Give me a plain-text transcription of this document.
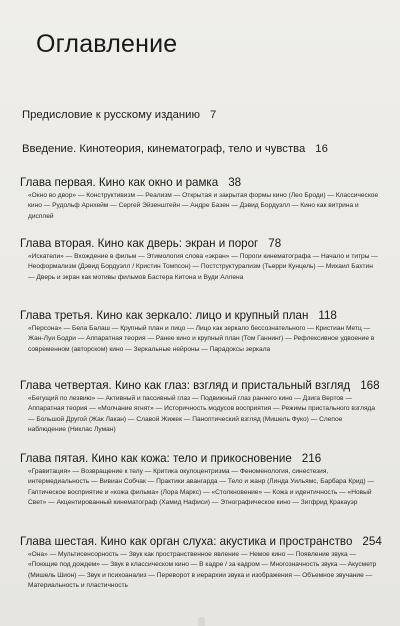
Оглавление
Предисловие к русскому изданию 7
Введение. Кинотеория, кинематограф, тело и чувства 16
Глава первая. Кино как окно и рамка 38
«Окно во двор» — Конструктивизм — Реализм — Открытая и закрытая формы кино (Лео Броди) — Классическое кино — Рудольф Арнхейм — Сергей Эйзенштейн — Андре Базен — Дэвид Бордуэлл — Кино как витрина и дисплей
Глава вторая. Кино как дверь: экран и порог 78
«Искатели» — Вхождение в фильм — Этимология слова «экран» — Пороги кинематографа — Начало и титры — Неоформализм (Дэвид Бордуэлл / Кристин Томпсон) — Постструктурализм (Тьерри Кунцель) — Михаил Бахтин — Дверь и экран как мотивы фильмов Бастера Китона и Вуди Аллена
Глава третья. Кино как зеркало: лицо и крупный план 118
«Персона» — Бела Балаш — Крупный план и лицо — Лицо как зеркало бессознательного — Кристиан Метц — Жан-Луи Бодри — Аппаратная теория — Ранее кино и крупный план (Том Ганнинг) — Рефлексивное удвоение в современном (авторском) кино — Зеркальные нейроны — Парадоксы зеркала
Глава четвертая. Кино как глаз: взгляд и пристальный взгляд 168
«Бегущий по лезвию» — Активный и пассивный глаз — Подвижный глаз раннего кино — Дзига Вертов — Аппаратная теория — «Молчание ягнят» — Историчность модусов восприятия — Режимы пристального взгляда — Большой Другой (Жак Лакан) — Славой Жижек — Паноптический взгляд (Мишель Фуко) — Слепое наблюдение (Никлас Луман)
Глава пятая. Кино как кожа: тело и прикосновение 216
«Гравитация» — Возвращение к телу — Критика окулоцентризма — Феноменология, синестезия, интермедиальность — Вивиан Собчак — Практики авангарда — Тело и жанр (Линда Уильямс, Барбара Крид) — Гаптическое восприятие и «кожа фильма» (Лора Маркс) — «Столкновение» — Кожа и идентичность — «Новый Свет» — Акцентированный кинематограф (Хамид Нафиси) — Этнографическое кино — Зигфрид Кракауэр
Глава шестая. Кино как орган слуха: акустика и пространство 254
«Она» — Мультисенсорность — Звук как пространственное явление — Немое кино — Появление звука — «Поющие под дождем» — Звук в классическом кино — В кадре / за кадром — Многозначность звука — Акусметр (Мишель Шион) — Звук и психоанализ — Переворот в иерархии звука и изображения — Объемное звучание — Материальность и пластичность
